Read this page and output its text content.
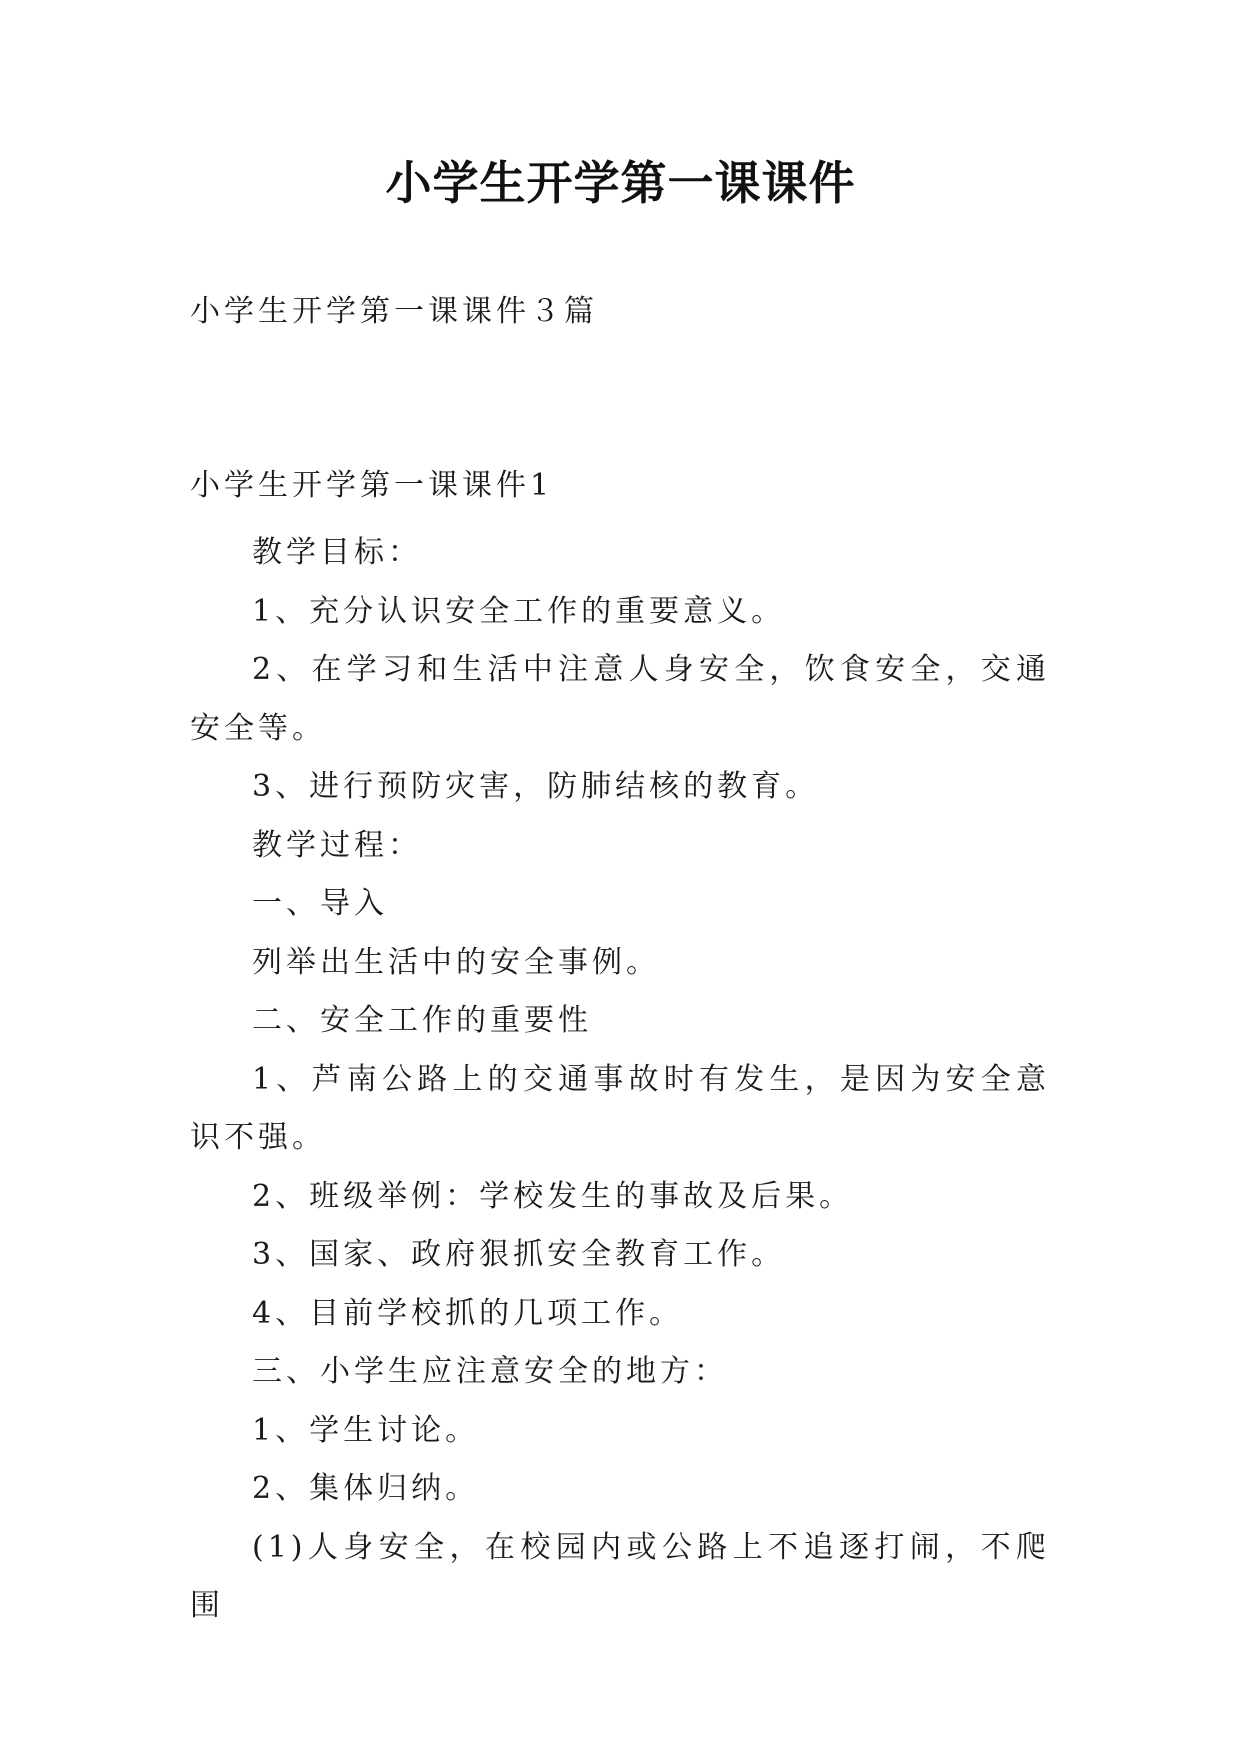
小学生开学第一课课件
小学生开学第一课课件３篇
小学生开学第一课课件1

教学目标：

1、充分认识安全工作的重要意义。

2、在学习和生活中注意人身安全，饮食安全，交通安全等。

3、进行预防灾害，防肺结核的教育。

教学过程：

一、导入

列举出生活中的安全事例。

二、安全工作的重要性

1、芦南公路上的交通事故时有发生，是因为安全意识不强。

2、班级举例：学校发生的事故及后果。

3、国家、政府狠抓安全教育工作。

4、目前学校抓的几项工作。

三、小学生应注意安全的地方：

1、学生讨论。

2、集体归纳。

(1)人身安全，在校园内或公路上不追逐打闹，不爬围
